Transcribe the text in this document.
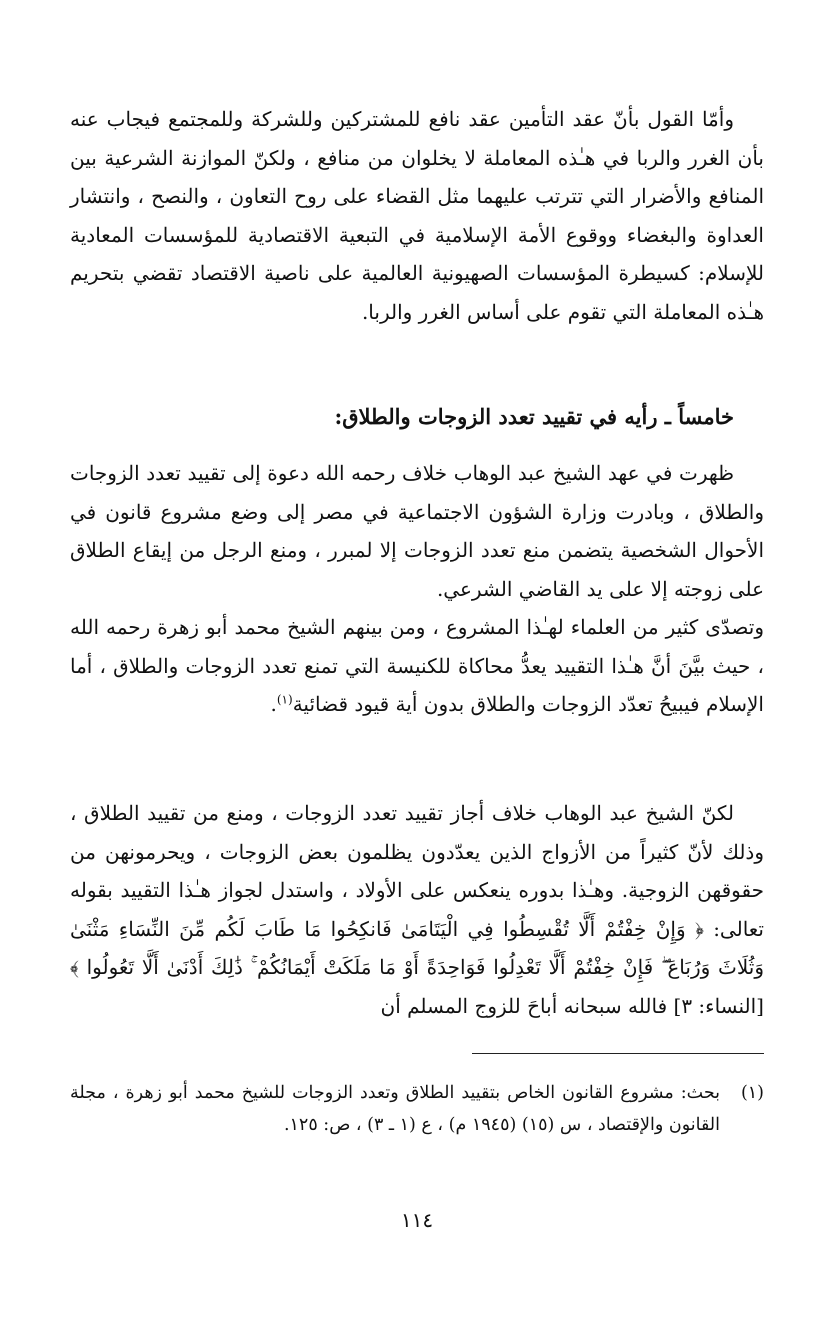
وأمّا القول بأنّ عقد التأمين عقد نافع للمشتركين وللشركة وللمجتمع فيجاب عنه بأن الغرر والربا في هـٰذه المعاملة لا يخلوان من منافع ، ولكنّ الموازنة الشرعية بين المنافع والأضرار التي تترتب عليهما مثل القضاء على روح التعاون ، والنصح ، وانتشار العداوة والبغضاء ووقوع الأمة الإسلامية في التبعية الاقتصادية للمؤسسات المعادية للإسلام: كسيطرة المؤسسات الصهيونية العالمية على ناصية الاقتصاد تقضي بتحريم هـٰذه المعاملة التي تقوم على أساس الغرر والربا.

خامساً ـ رأيه في تقييد تعدد الزوجات والطلاق:

ظهرت في عهد الشيخ عبد الوهاب خلاف رحمه الله دعوة إلى تقييد تعدد الزوجات والطلاق ، وبادرت وزارة الشؤون الاجتماعية في مصر إلى وضع مشروع قانون في الأحوال الشخصية يتضمن منع تعدد الزوجات إلا لمبرر ، ومنع الرجل من إيقاع الطلاق على زوجته إلا على يد القاضي الشرعي.

وتصدّى كثير من العلماء لهـٰذا المشروع ، ومن بينهم الشيخ محمد أبو زهرة رحمه الله ، حيث بيَّنَ أنَّ هـٰذا التقييد يعدُّ محاكاة للكنيسة التي تمنع تعدد الزوجات والطلاق ، أما الإسلام فيبيحُ تعدّد الزوجات والطلاق بدون أية قيود قضائية$^{(١)}$.

لكنّ الشيخ عبد الوهاب خلاف أجاز تقييد تعدد الزوجات ، ومنع من تقييد الطلاق ، وذلك لأنّ كثيراً من الأزواج الذين يعدّدون يظلمون بعض الزوجات ، ويحرمونهن من حقوقهن الزوجية. وهـٰذا بدوره ينعكس على الأولاد ، واستدل لجواز هـٰذا التقييد بقوله تعالى: ﴿ وَإِنْ خِفْتُمْ أَلَّا تُقْسِطُوا فِي الْيَتَامَىٰ فَانكِحُوا مَا طَابَ لَكُم مِّنَ النِّسَاءِ مَثْنَىٰ وَثُلَاثَ وَرُبَاعَ ۖ فَإِنْ خِفْتُمْ أَلَّا تَعْدِلُوا فَوَاحِدَةً أَوْ مَا مَلَكَتْ أَيْمَانُكُمْ ۚ ذَٰلِكَ أَدْنَىٰ أَلَّا تَعُولُوا ﴾ [النساء: ٣] فالله سبحانه أباحَ للزوج المسلم أن

(١)
بحث: مشروع القانون الخاص بتقييد الطلاق وتعدد الزوجات للشيخ محمد أبو زهرة ، مجلة القانون والإقتصاد ، س (١٥) (١٩٤٥ م) ، ع (١ ـ ٣) ، ص: ١٢٥.
١١٤
